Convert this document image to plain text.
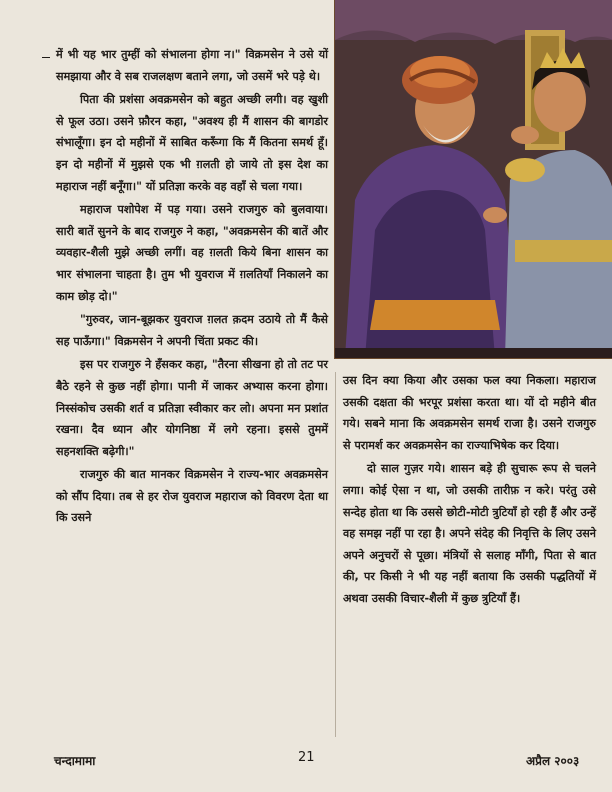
में भी यह भार तुम्हीं को संभालना होगा न।" विक्रमसेन ने उसे यों समझाया और वे सब राजलक्षण बताने लगा, जो उसमें भरे पड़े थे।

पिता की प्रशंसा अवक्रमसेन को बहुत अच्छी लगी। वह खुशी से फूल उठा। उसने फ़ौरन कहा, "अवश्य ही मैं शासन की बागडोर संभालूँगा। इन दो महीनों में साबित करूँगा कि मैं कितना समर्थ हूँ। इन दो महीनों में मुझसे एक भी ग़लती हो जाये तो इस देश का महाराज नहीं बनूँगा।" यों प्रतिज्ञा करके वह वहाँ से चला गया।

महाराज पशोपेश में पड़ गया। उसने राजगुरु को बुलवाया। सारी बातें सुनने के बाद राजगुरु ने कहा, "अवक्रमसेन की बातें और व्यवहार-शैली मुझे अच्छी लगीं। वह ग़लती किये बिना शासन का भार संभालना चाहता है। तुम भी युवराज में ग़लतियाँ निकालने का काम छोड़ दो।"

"गुरुवर, जान-बूझकर युवराज ग़लत क़दम उठाये तो मैं कैसे सह पाऊँगा।" विक्रमसेन ने अपनी चिंता प्रकट की।

इस पर राजगुरु ने हँसकर कहा, "तैरना सीखना हो तो तट पर बैठे रहने से कुछ नहीं होगा। पानी में जाकर अभ्यास करना होगा। निस्संकोच उसकी शर्त व प्रतिज्ञा स्वीकार कर लो। अपना मन प्रशांत रखना। दैव ध्यान और योगनिष्ठा में लगे रहना। इससे तुममें सहनशक्ति बढ़ेगी।"

राजगुरु की बात मानकर विक्रमसेन ने राज्य-भार अवक्रमसेन को सौंप दिया। तब से हर रोज युवराज महाराज को विवरण देता था कि उसने

उस दिन क्या किया और उसका फल क्या निकला। महाराज उसकी दक्षता की भरपूर प्रशंसा करता था। यों दो महीने बीत गये। सबने माना कि अवक्रमसेन समर्थ राजा है। उसने राजगुरु से परामर्श कर अवक्रमसेन का राज्याभिषेक कर दिया।

दो साल गुज़र गये। शासन बड़े ही सुचारू रूप से चलने लगा। कोई ऐसा न था, जो उसकी तारीफ़ न करे। परंतु उसे सन्देह होता था कि उससे छोटी-मोटी त्रुटियाँ हो रही हैं और उन्हें वह समझ नहीं पा रहा है। अपने संदेह की निवृत्ति के लिए उसने अपने अनुचरों से पूछा। मंत्रियों से सलाह माँगी, पिता से बात की, पर किसी ने भी यह नहीं बताया कि उसकी पद्धतियों में अथवा उसकी विचार-शैली में कुछ त्रुटियाँ हैं।

चन्दामामा	21	अप्रैल २००३
